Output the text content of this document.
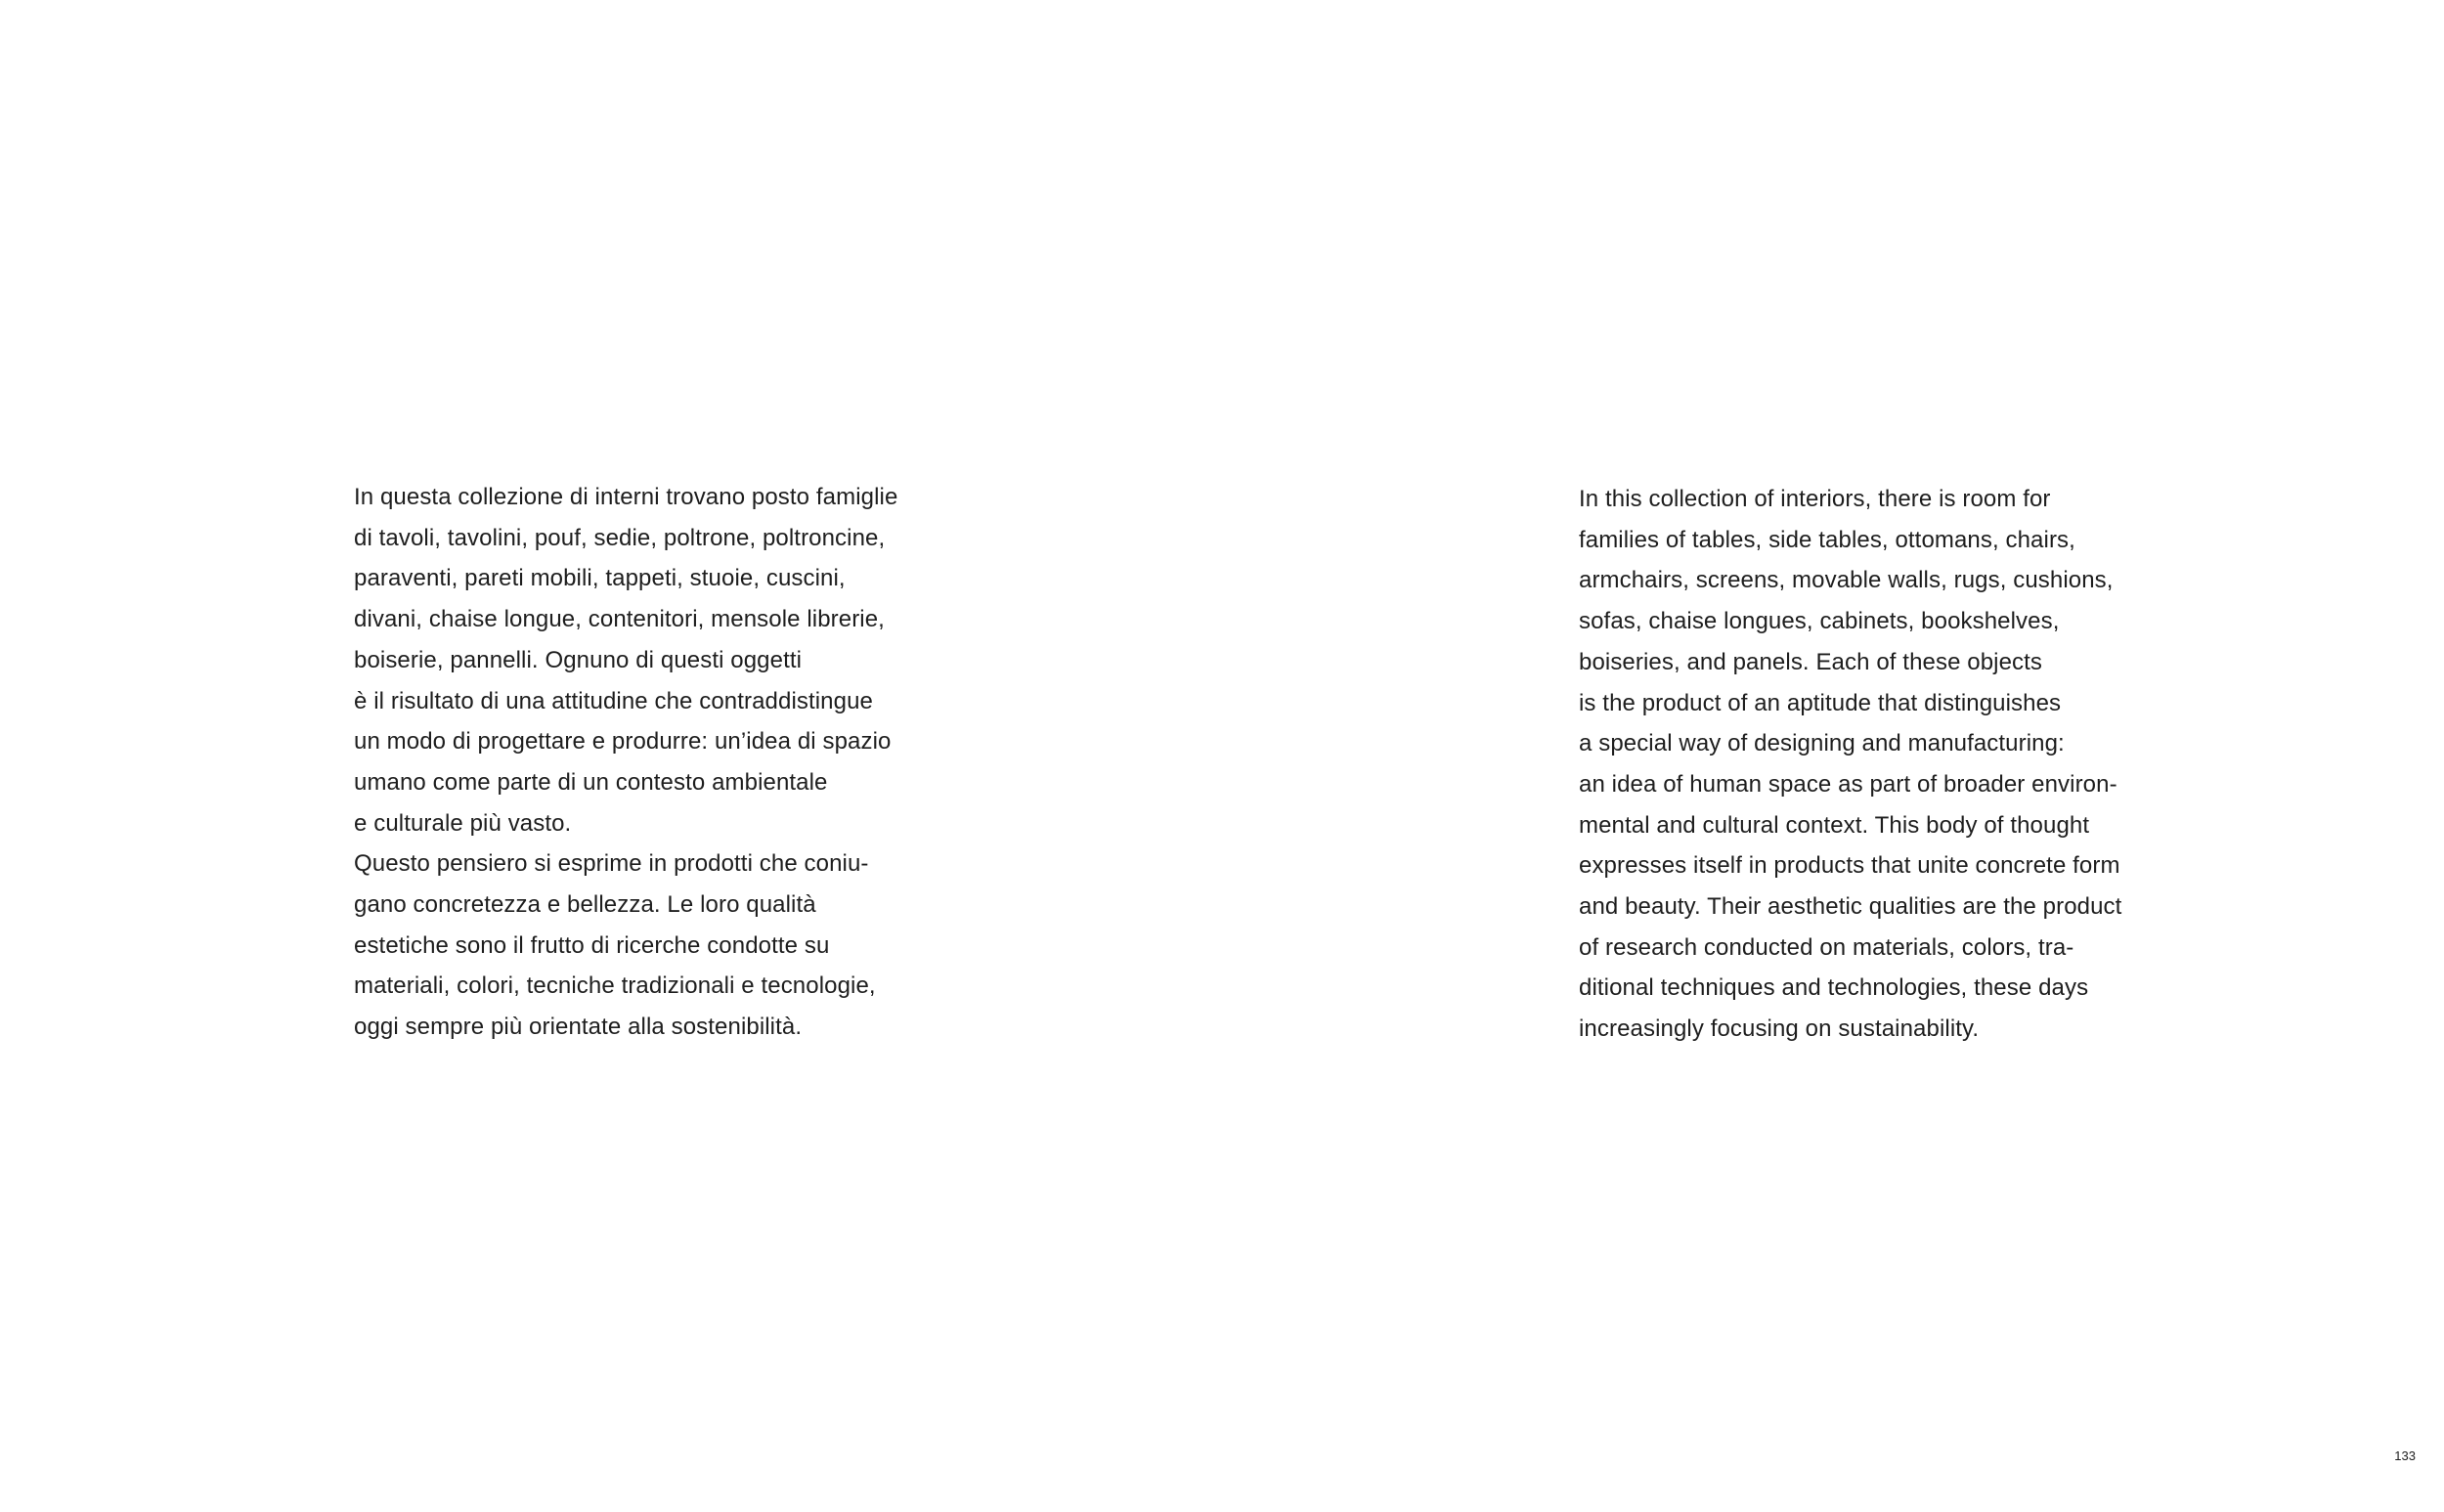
In questa collezione di interni trovano posto famiglie
di tavoli, tavolini, pouf, sedie, poltrone, poltroncine,
paraventi, pareti mobili, tappeti, stuoie, cuscini,
divani, chaise longue, contenitori, mensole librerie,
boiserie, pannelli. Ognuno di questi oggetti
è il risultato di una attitudine che contraddistingue
un modo di progettare e produrre: un’idea di spazio
umano come parte di un contesto ambientale
e culturale più vasto.
Questo pensiero si esprime in prodotti che coniu-
gano concretezza e bellezza. Le loro qualità
estetiche sono il frutto di ricerche condotte su
materiali, colori, tecniche tradizionali e tecnologie,
oggi sempre più orientate alla sostenibilità.
In this collection of interiors, there is room for
families of tables, side tables, ottomans, chairs,
armchairs, screens, movable walls, rugs, cushions,
sofas, chaise longues, cabinets, bookshelves,
boiseries, and panels. Each of these objects
is the product of an aptitude that distinguishes
a special way of designing and manufacturing:
an idea of human space as part of broader environ-
mental and cultural context. This body of thought
expresses itself in products that unite concrete form
and beauty. Their aesthetic qualities are the product
of research conducted on materials, colors, tra-
ditional techniques and technologies, these days
increasingly focusing on sustainability.
133
